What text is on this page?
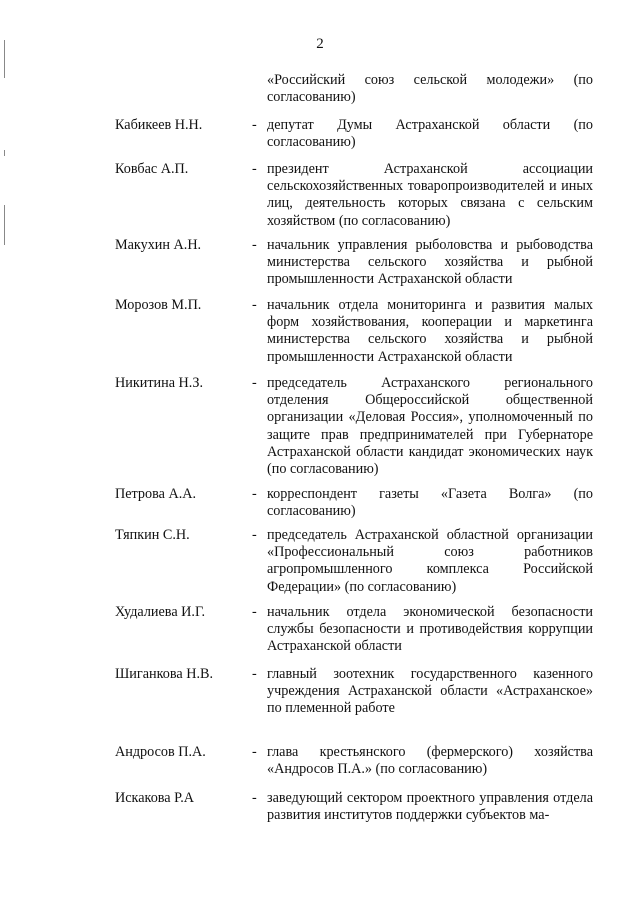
2
«Российский союз сельской молодежи» (по согласованию)
Кабикеев Н.Н.	- депутат Думы Астраханской области (по согласованию)
Ковбас А.П.	- президент Астраханской ассоциации сельскохозяйственных товаропроизводителей и иных лиц, деятельность которых связана с сельским хозяйством (по согласованию)
Макухин А.Н.	- начальник управления рыболовства и рыбоводства министерства сельского хозяйства и рыбной промышленности Астраханской области
Морозов М.П.	- начальник отдела мониторинга и развития малых форм хозяйствования, кооперации и маркетинга министерства сельского хозяйства и рыбной промышленности Астраханской области
Никитина Н.З.	- председатель Астраханского регионального отделения Общероссийской общественной организации «Деловая Россия», уполномоченный по защите прав предпринимателей при Губернаторе Астраханской области кандидат экономических наук (по согласованию)
Петрова А.А.	- корреспондент газеты «Газета Волга» (по согласованию)
Тяпкин С.Н.	- председатель Астраханской областной организации «Профессиональный союз работников агропромышленного комплекса Российской Федерации» (по согласованию)
Худалиева И.Г.	- начальник отдела экономической безопасности службы безопасности и противодействия коррупции Астраханской области
Шиганкова Н.В.	- главный зоотехник государственного казенного учреждения Астраханской области «Астраханское» по племенной работе
Андросов П.А.	- глава крестьянского (фермерского) хозяйства «Андросов П.А.» (по согласованию)
Искакова Р.А	- заведующий сектором проектного управления отдела развития институтов поддержки субъектов ма-
